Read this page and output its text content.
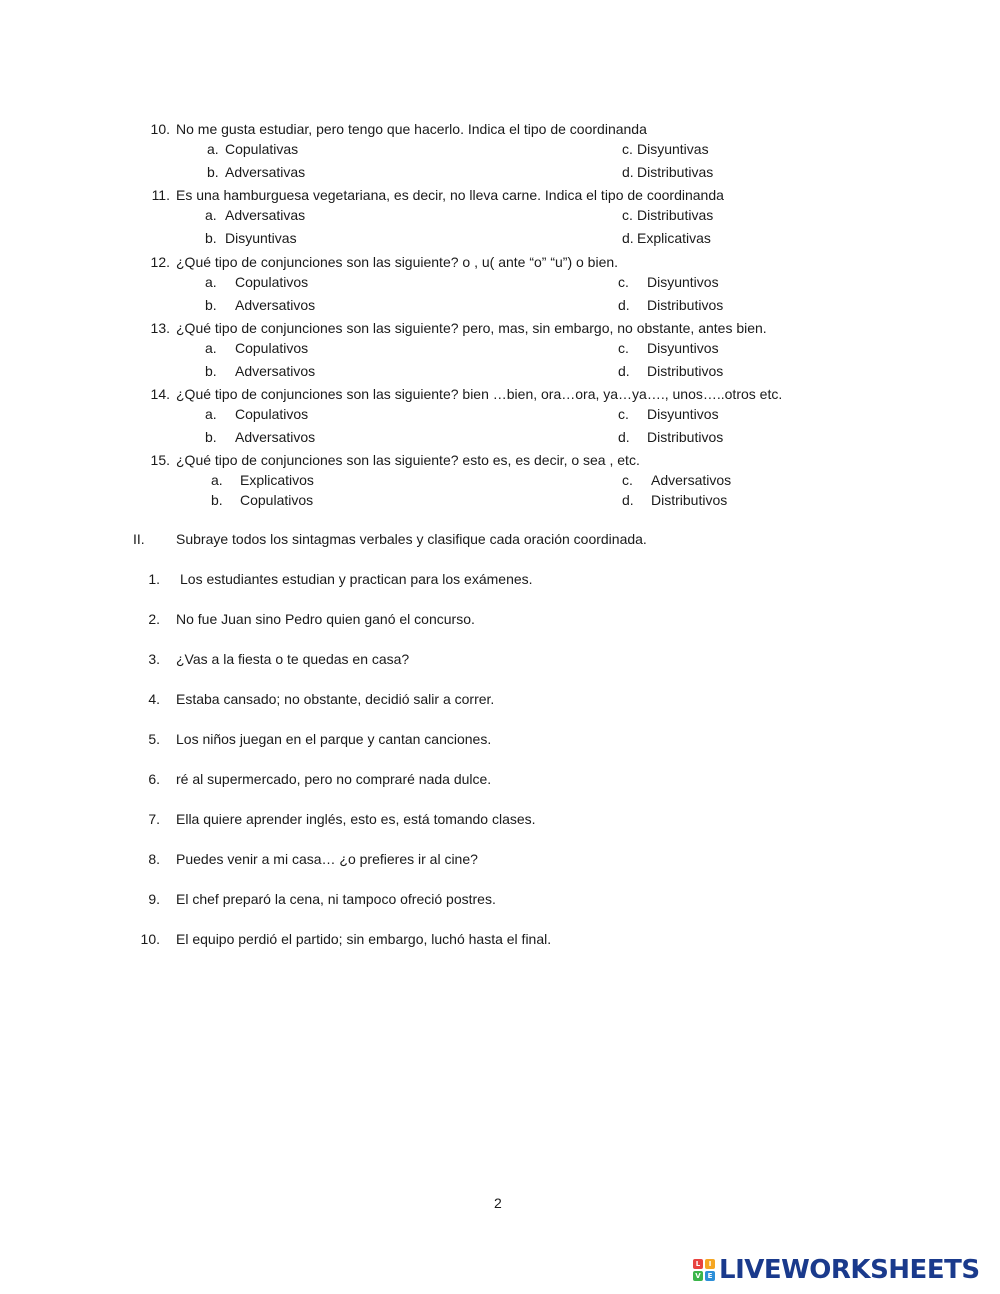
10. No me gusta estudiar, pero tengo que hacerlo. Indica el tipo de coordinanda
a. Copulativas	c. Disyuntivas
b. Adversativas	d. Distributivas
11. Es una hamburguesa vegetariana, es decir, no lleva carne. Indica el tipo de coordinanda
a. Adversativas	c. Distributivas
b. Disyuntivas	d. Explicativas
12. ¿Qué tipo de conjunciones son las siguiente? o , u( ante “o” “u”) o bien.
a. Copulativos	c. Disyuntivos
b. Adversativos	d. Distributivos
13. ¿Qué tipo de conjunciones son las siguiente? pero, mas, sin embargo, no obstante, antes bien.
a. Copulativos	c. Disyuntivos
b. Adversativos	d. Distributivos
14. ¿Qué tipo de conjunciones son las siguiente? bien …bien, ora…ora, ya…ya…., unos…..otros etc.
a. Copulativos	c. Disyuntivos
b. Adversativos	d. Distributivos
15. ¿Qué tipo de conjunciones son las siguiente? esto es, es decir, o sea , etc.
a. Explicativos	c. Adversativos
b. Copulativos	d. Distributivos
II. Subraye todos los sintagmas verbales y clasifique cada oración coordinada.
1. Los estudiantes estudian y practican para los exámenes.
2. No fue Juan sino Pedro quien ganó el concurso.
3. ¿Vas a la fiesta o te quedas en casa?
4. Estaba cansado; no obstante, decidió salir a correr.
5. Los niños juegan en el parque y cantan canciones.
6. ré al supermercado, pero no compraré nada dulce.
7. Ella quiere aprender inglés, esto es, está tomando clases.
8. Puedes venir a mi casa… ¿o prefieres ir al cine?
9. El chef preparó la cena, ni tampoco ofreció postres.
10. El equipo perdió el partido; sin embargo, luchó hasta el final.
2
L	I
V E LIVEWORKSHEETS
